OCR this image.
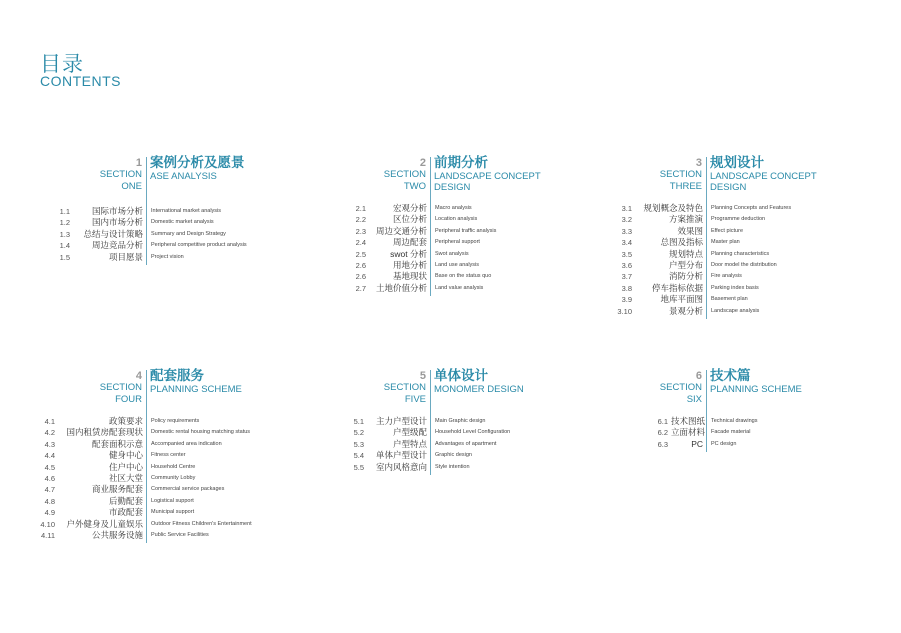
目录
CONTENTS
1
SECTION
ONE
案例分析及愿景
ASE ANALYSIS
1.1	国际市场分析 International market analysis
1.2	国内市场分析 Domestic market analysis
1.3	总结与设计策略 Summary and Design Strategy
1.4	周边竞品分析 Peripheral competitive product analysis
1.5	项目愿景 Project vision
2
SECTION
TWO
前期分析
LANDSCAPE CONCEPT
DESIGN
2.1	宏观分析 Macro analysis
2.2	区位分析 Location analysis
2.3	周边交通分析 Peripheral traffic analysis
2.4	周边配套 Peripheral support
2.5	swot 分析 Swot analysis
2.6	用地分析 Land use analysis
2.6	基地现状 Base on the status quo
2.7	土地价值分析 Land value analysis
3
SECTION
THREE
规划设计
LANDSCAPE CONCEPT
DESIGN
3.1	规划概念及特色 Planning Concepts and Features
3.2	方案推演 Programme deduction
3.3	效果图 Effect picture
3.4	总图及指标 Master plan
3.5	规划特点 Planning characteristics
3.6	户型分布 Door model the distribution
3.7	消防分析 Fire analysis
3.8	停车指标依据 Parking index basis
3.9	地库平面图 Basement plan
3.10	景观分析 Landscape analysis
4
SECTION
FOUR
配套服务
PLANNING SCHEME
4.1	政策要求 Policy requirements
4.2	国内租赁房配套现状 Domestic rental housing matching status
4.3	配套面积示意 Accompanied area indication
4.4	健身中心 Fitness center
4.5	住户中心 Household Centre
4.6	社区大堂 Community Lobby
4.7	商业服务配套 Commercial service packages
4.8	后勤配套 Logistical support
4.9	市政配套 Municipal support
4.10	户外健身及儿童娱乐 Outdoor Fitness Children's Entertainment
4.11	公共服务设施 Public Service Facilities
5
SECTION
FIVE
单体设计
MONOMER DESIGN
5.1	主力户型设计 Main Graphic design
5.2	户型级配 Household Level Configuration
5.3	户型特点 Advantages of apartment
5.4	单体户型设计 Graphic design
5.5	室内风格意向 Style intention
6
SECTION
SIX
技术篇
PLANNING SCHEME
6.1 技术图纸 Technical drawings
6.2 立面材料 Facade material
6.3	PC PC design
